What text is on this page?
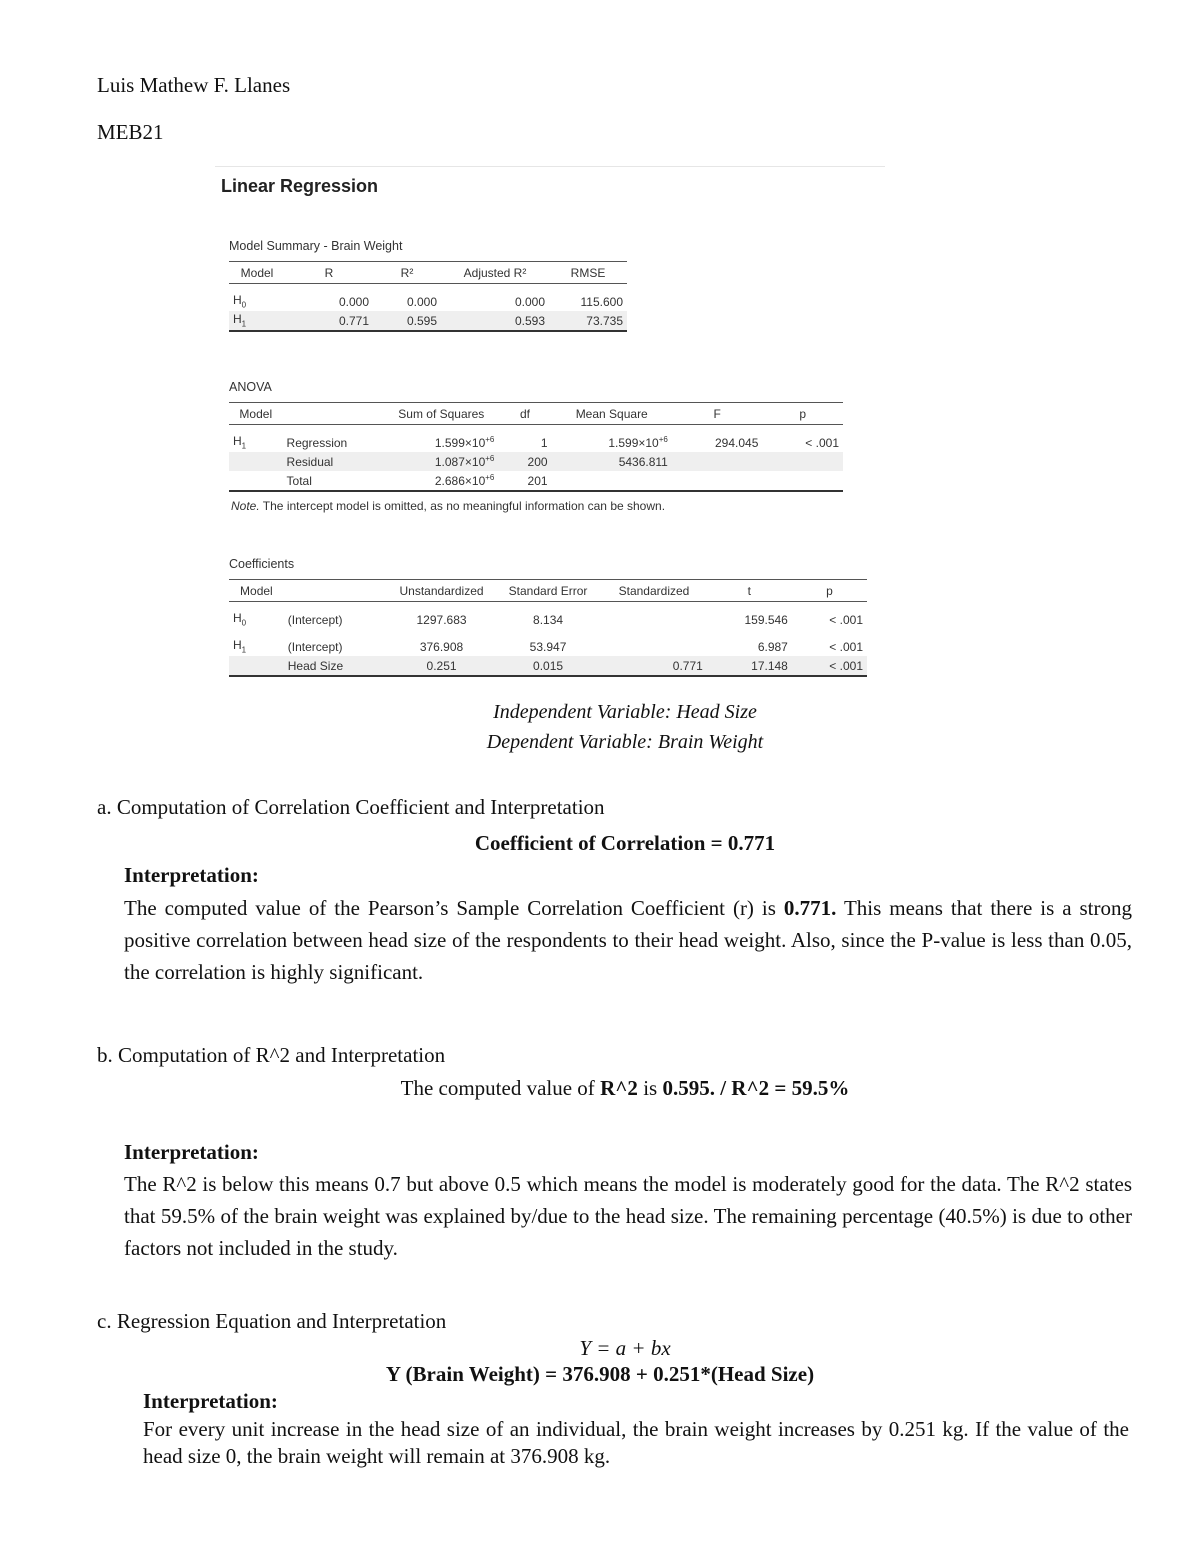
Luis Mathew F. Llanes
MEB21
Linear Regression
Model Summary - Brain Weight
Model	R	R²	Adjusted R²	RMSE

$H_0$	0.000	0.000	0.000	115.600
$H_1$	0.771	0.595	0.593	73.735
ANOVA
Model		Sum of Squares	df	Mean Square	F	p

$H_1$	Regression	$1.599\times 10^{+6}$	1	$1.599\times 10^{+6}$	294.045	< .001
	Residual	$1.087\times 10^{+6}$	200	5436.811		
	Total	$2.686\times 10^{+6}$	201			
Note. The intercept model is omitted, as no meaningful information can be shown.
Coefficients
Model		Unstandardized	Standard Error	Standardized	t	p

$H_0$	(Intercept)	1297.683	8.134		159.546	< .001

$H_1$	(Intercept)	376.908	53.947		6.987	< .001
	Head Size	0.251	0.015	0.771	17.148	< .001
Independent Variable: Head Size
Dependent Variable: Brain Weight
a. Computation of Correlation Coefficient and Interpretation
Coefficient of Correlation = 0.771
Interpretation:
The computed value of the Pearson’s Sample Correlation Coefficient (r) is 0.771. This means that there is a strong positive correlation between head size of the respondents to their head weight. Also, since the P-value is less than 0.05, the correlation is highly significant.
b. Computation of R^2 and Interpretation
The computed value of R^2 is 0.595. / R^2 = 59.5%
Interpretation:
The R^2 is below this means 0.7 but above 0.5 which means the model is moderately good for the data. The R^2 states that 59.5% of the brain weight was explained by/due to the head size. The remaining percentage (40.5%) is due to other factors not included in the study.
c. Regression Equation and Interpretation
Y = a + bx
Y (Brain Weight) = 376.908 + 0.251*(Head Size)
Interpretation:
For every unit increase in the head size of an individual, the brain weight increases by 0.251 kg. If the value of the head size 0, the brain weight will remain at 376.908 kg.
